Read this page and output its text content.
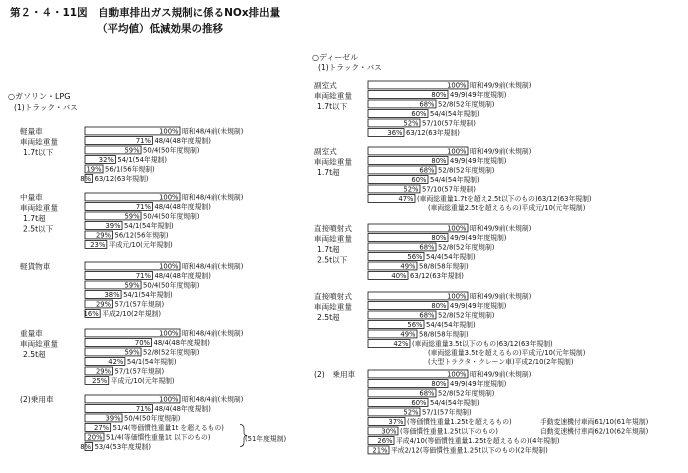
第２・４・11図　自動車排出ガス規制に係るNOx排出量
（平均値）低減効果の推移
○ガソリン・LPG
(1)トラック・バス
軽量車
車両総重量
1.7t以下
100% 昭和48/4前(未規制)
71% 48/4(48年度規制)
59% 50/4(50年度規制)
32% 54/1(54年規制)
19% 56/1(56年規制)
8% 63/12(63年規制)
中量車
車両総重量
1.7t超
2.5t以下
100% 昭和48/4前(未規制)
71% 48/4(48年度規制)
59% 50/4(50年度規制)
39% 54/1(54年規制)
29% 56/12(56年規制)
23% 平成元/10(元年規制)
軽貨物車	100% 昭和48/4前(未規制)
71% 48/4(48年度規制)
59% 50/4(50年度規制)
38% 54/1(54年規制)
29% 57/1(57年規制)
16% 平成2/10(2年規制)
重量車
車両総重量
2.5t超
100% 昭和48/4前(未規制)
70% 48/4(48年度規制)
59% 52/8(52年度規制)
42% 54/1(54年規制)
29% 57/1(57年規制)
25% 平成元/10(元年規制)
(2)乗用車	100% 昭和48/4前(未規制)
71% 48/4(48年度規制)
39% 50/4(50年度規制)
27% 51/4(等価慣性重量1t を超えるもの)
20% 51/4(等価慣性重量1t 以下のもの)
8% 53/4(53年度規制)
(51年度規制)
○ディーゼル
(1)トラック・バス
副室式
車両総重量
1.7t以下
100% 昭和49/9前(未規制)
80% 49/9(49年度規制)
68% 52/8(52年度規制)
60% 54/4(54年規制)
52% 57/10(57年規制)
36% 63/12(63年規制)
副室式
車両総重量
1.7t超
100% 昭和49/9前(未規制)
80% 49/9(49年度規制)
68% 52/8(52年度規制)
60% 54/4(54年規制)
52% 57/10(57年規制)
47% (車両総重量1.7tを超え2.5t以下のもの)63/12(63年規制)
(車両総重量2.5tを超えるもの)平成元/10(元年規制)
直接噴射式
車両総重量
1.7t超
2.5t以下
100% 昭和49/9前(未規制)
80% 49/9(49年度規制)
68% 52/8(52年度規制)
56% 54/4(54年規制)
49% 58/8(58年規制)
40% 63/12(63年規制)
直接噴射式
車両総重量
2.5t超
100% 昭和49/9前(未規制)
80% 49/9(49年度規制)
68% 52/8(52年度規制)
56% 54/4(54年規制)
49% 58/8(58年規制)
42% (車両総重量3.5t以下のもの)63/12(63年規制)
(車両総重量3.5tを超えるもの)平成元/10(元年規制)
(大型トラクタ・クレーン車)平成2/10(2年規制)
(2)　乗用車	100% 昭和49/9前(未規制)
80% 49/9(49年度規制)
68% 52/8(52年度規制)
60% 54/4(54年規制)
52% 57/1(57年規制)
37% (等価慣性重量1.25tを超えるもの)
30% (等価慣性重量1.25t以下のもの)
26% 平成4/10(等価慣性重量1.25tを超えるもの)(4年規制)
21% 平成2/12(等価慣性重量1.25t以下のもの)(2年規制)
手動変速機付車両61/10(61年規制)
自動変速機付車両62/10(62年規制)
